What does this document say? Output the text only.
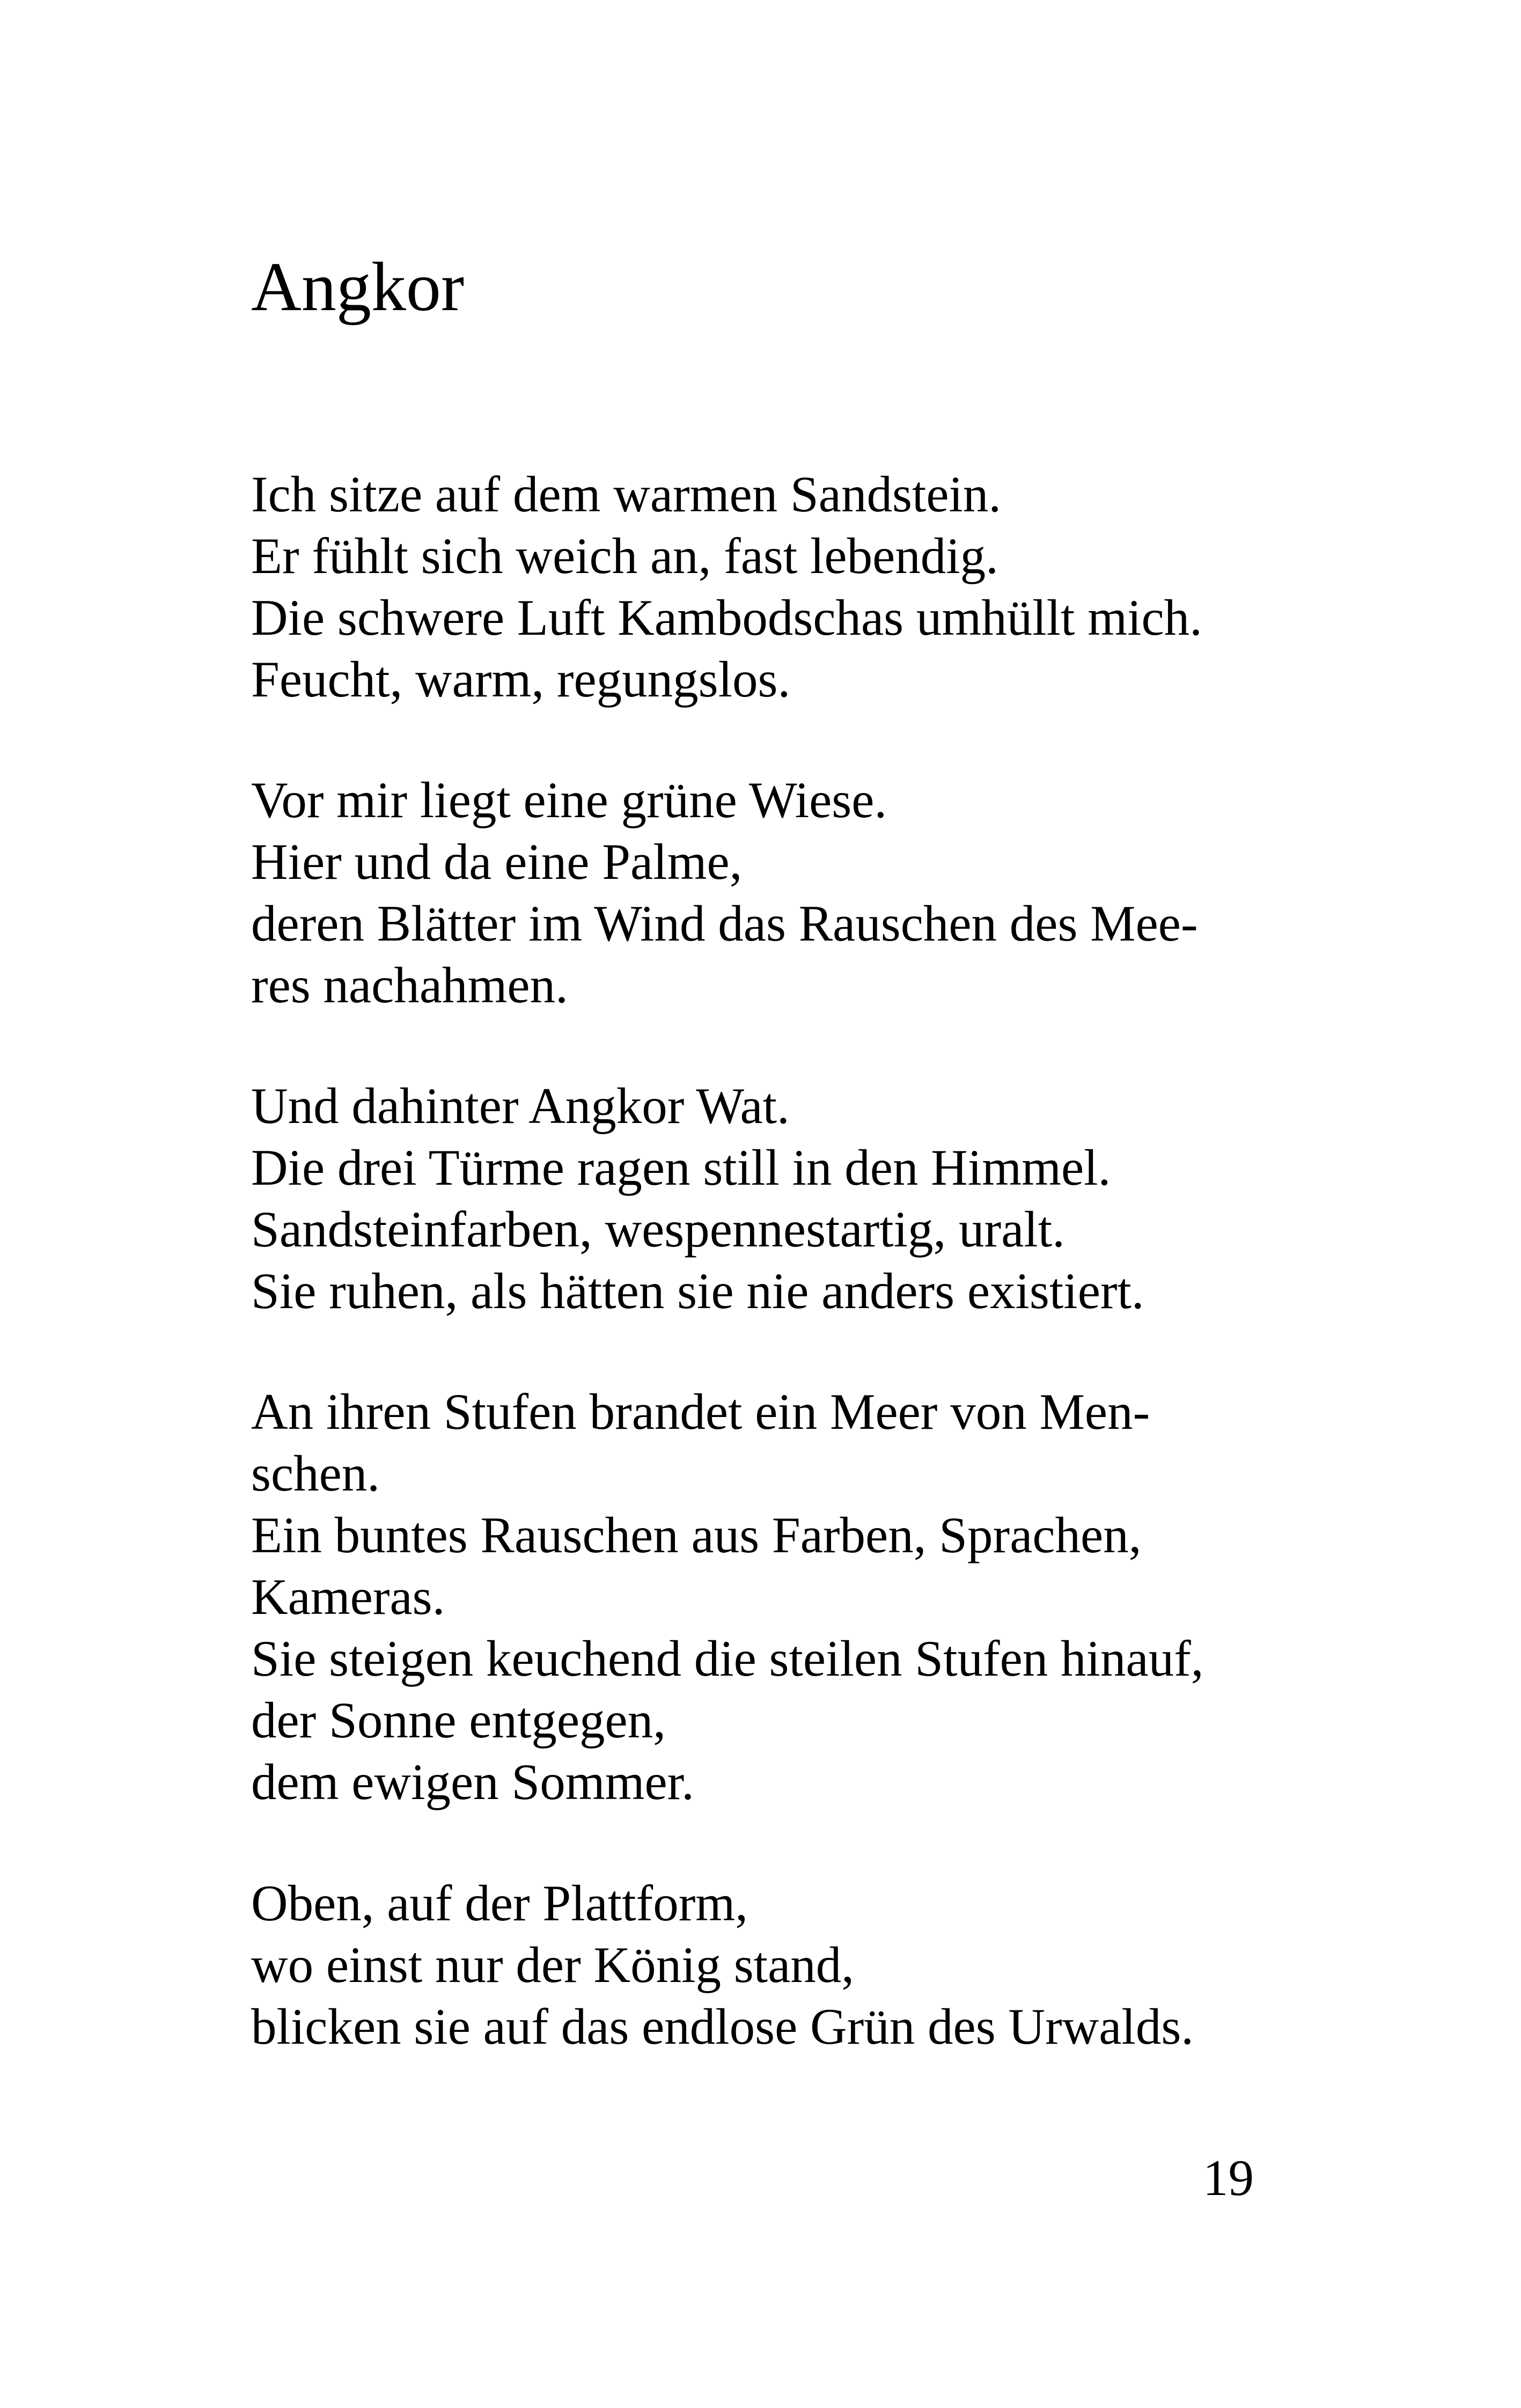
Angkor
Ich sitze auf dem warmen Sandstein.
Er fühlt sich weich an, fast lebendig.
Die schwere Luft Kambodschas umhüllt mich.
Feucht, warm, regungslos.
Vor mir liegt eine grüne Wiese.
Hier und da eine Palme,
deren Blätter im Wind das Rauschen des Mee-
res nachahmen.
Und dahinter Angkor Wat.
Die drei Türme ragen still in den Himmel.
Sandsteinfarben, wespennestartig, uralt.
Sie ruhen, als hätten sie nie anders existiert.
An ihren Stufen brandet ein Meer von Men-
schen.
Ein buntes Rauschen aus Farben, Sprachen,
Kameras.
Sie steigen keuchend die steilen Stufen hinauf,
der Sonne entgegen,
dem ewigen Sommer.
Oben, auf der Plattform,
wo einst nur der König stand,
blicken sie auf das endlose Grün des Urwalds.

19
